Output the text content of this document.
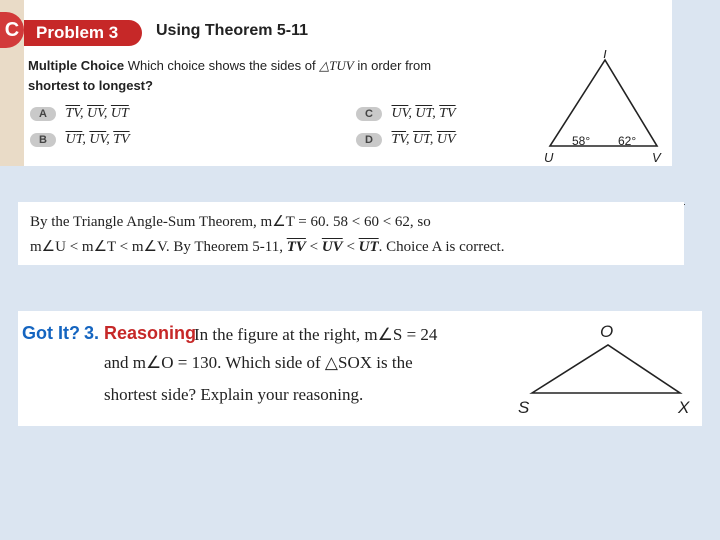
C Problem 3	Using Theorem 5-11
Multiple Choice Which choice shows the sides of △TUV in order from
shortest to longest?
A $\overline{TV}$, $\overline{UV}$, $\overline{UT}$
B $\overline{UT}$, $\overline{UV}$, $\overline{TV}$
C $\overline{UV}$, $\overline{UT}$, $\overline{TV}$
D $\overline{TV}$, $\overline{UT}$, $\overline{UV}$
T
U	V
58° 62°
By the Triangle Angle-Sum Theorem, m∠T = 60. 58 < 60 < 62, so
m∠U < m∠T < m∠V. By Theorem 5-11, $\overline{TV} < \overline{UV} < \overline{UT}$. Choice A is correct.
Got It? 3. Reasoning
In the figure at the right, m∠S = 24
and m∠O = 130. Which side of △SOX is the
shortest side? Explain your reasoning.
O
S	X
